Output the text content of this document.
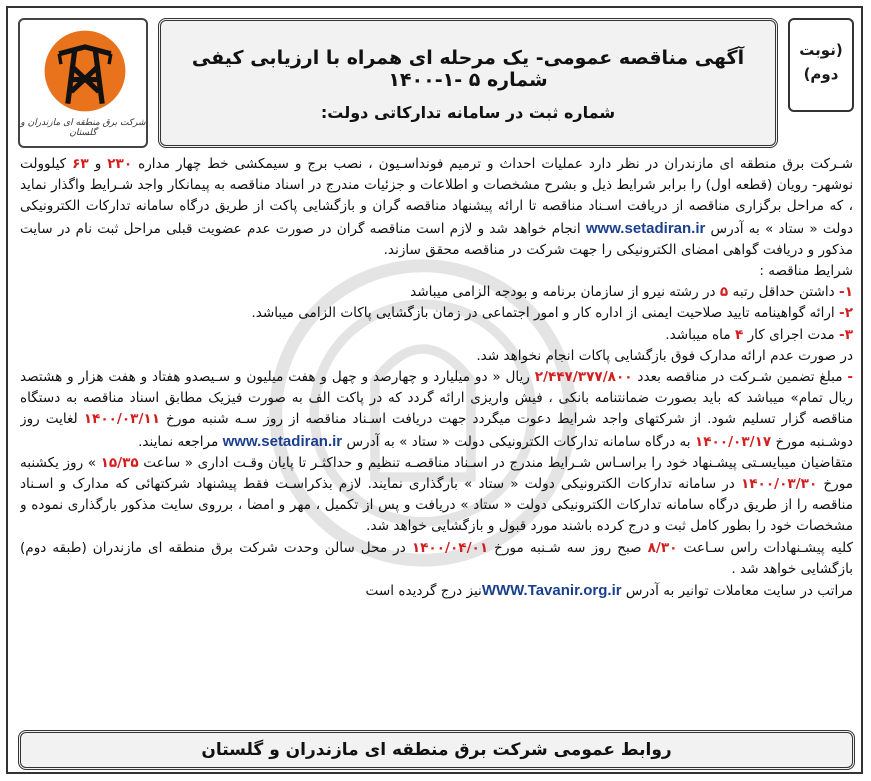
شرکت برق منطقه ای مازندران و گلستان
آگهی مناقصه عمومی- یک مرحله ای همراه با ارزیابی کیفی شماره ۵ -۱-۱۴۰۰
شماره ثبت در سامانه تدارکاتی دولت:
(نوبت دوم)

شـرکت برق منطقه ای مازندران در نظر دارد عملیات احداث و ترمیم فونداسـیون ، نصب برج و سیمکشی خط چهار مداره ۲۳۰ و ۶۳ کیلوولت نوشهر- رویان (قطعه اول) را برابر شرایط ذیل و بشرح مشخصات و اطلاعات و جزئیات مندرج در اسناد مناقصه به پیمانکار واجد شـرایط واگذار نماید ، که مراحل برگزاری مناقصه از دریافت اسـناد مناقصه تا ارائه پیشنهاد مناقصه گران و بازگشایی پاکت از طریق درگاه سامانه تدارکات الکترونیکی دولت « ستاد » به آدرس www.setadiran.ir انجام خواهد شد و لازم است مناقصه گران در صورت عدم عضویت قبلی مراحل ثبت نام در سایت مذکور و دریافت گواهی امضای الکترونیکی را جهت شرکت در مناقصه محقق سازند.

شرایط مناقصه :

۱- داشتن حداقل رتبه ۵ در رشته نیرو از سازمان برنامه و بودجه الزامی میباشد

۲- ارائه گواهینامه تایید صلاحیت ایمنی از اداره کار و امور اجتماعی در زمان بازگشایی پاکات الزامی میباشد.

۳- مدت اجرای کار ۴ ماه میباشد.

در صورت عدم ارائه مدارک فوق بازگشایی پاکات انجام نخواهد شد.

- مبلغ تضمین شـرکت در مناقصه بعدد ۲/۴۴۷/۳۷۷/۸۰۰ ریال « دو میلیارد و چهارصد و چهل و هفت میلیون و سـیصدو هفتاد و هفت هزار و هشتصد ریال تمام» میباشد که باید بصورت ضمانتنامه بانکی ، فیش واریزی ارائه گردد که در پاکت الف به صورت فیزیک مطابق اسناد مناقصه به دستگاه مناقصه گزار تسلیم شود. از شرکتهای واجد شرایط دعوت میگردد جهت دریافت اسـناد مناقصه از روز سـه شنبه مورخ ۱۴۰۰/۰۳/۱۱ لغایت روز دوشـنبه مورخ ۱۴۰۰/۰۳/۱۷ به درگاه سامانه تدارکات الکترونیکی دولت « ستاد » به آدرس www.setadiran.ir مراجعه نمایند.

متقاضیان میبایسـتی پیشـنهاد خود را براسـاس شـرایط مندرج در اسـناد مناقصـه تنظیم و حداکثـر تا پایان وقـت اداری « ساعت ۱۵/۳۵ » روز یکشنبه مورخ ۱۴۰۰/۰۳/۳۰ در سامانه تدارکات الکترونیکی دولت « ستاد » بارگذاری نمایند. لازم بذکراسـت فقط پیشنهاد شرکتهائی که مدارک و اسـناد مناقصه را از طریق درگاه سامانه تدارکات الکترونیکی دولت « ستاد » دریافت و پس از تکمیل ، مهر و امضا ، برروی سایت مذکور بارگذاری نموده و مشخصات خود را بطور کامل ثبت و درج کرده باشند مورد قبول و بازگشایی خواهد شد.

کلیه پیشـنهادات راس سـاعت ۸/۳۰ صبح روز سه شـنبه مورخ ۱۴۰۰/۰۴/۰۱ در محل سالن وحدت شرکت برق منطقه ای مازندران (طبقه دوم) بازگشایی خواهد شد .

مراتب در سایت معاملات توانیر به آدرس WWW.Tavanir.org.irنیز درج گردیده است

روابط عمومی شرکت برق منطقه ای مازندران و گلستان
